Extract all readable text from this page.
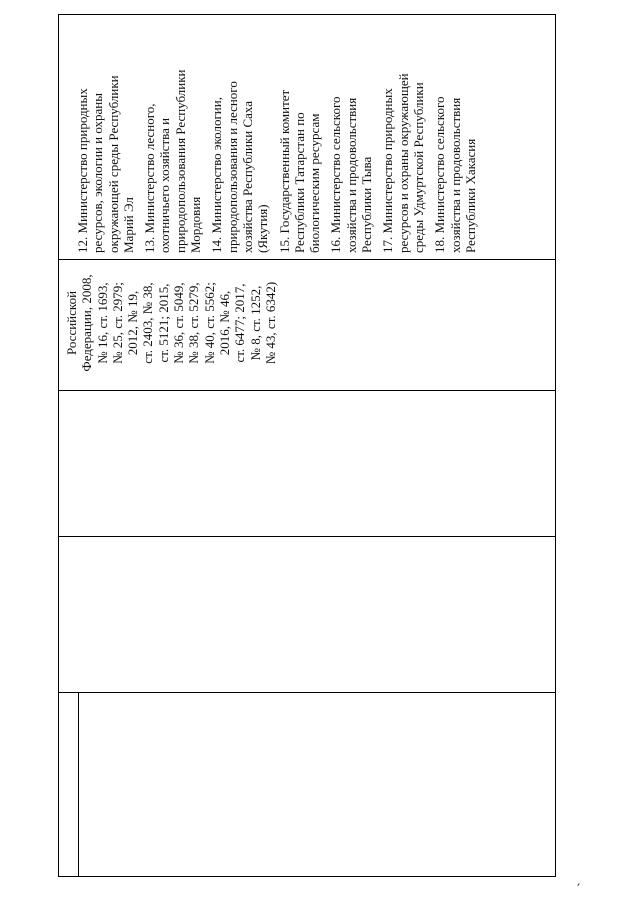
Российской Федерации, 2008, № 16, ст. 1693, № 25, ст. 2979; 2012, № 19, ст. 2403, № 38, ст. 5121; 2015, № 36, ст. 5049, № 38, ст. 5279, № 40, ст. 5562; 2016, № 46, ст. 6477; 2017, № 8, ст. 1252, № 43, ст. 6342)

12. Министерство природных ресурсов, экологии и охраны окружающей среды Республики Марий Эл 13. Министерство лесного, охотничьего хозяйства и природопользования Республики Мордовия 14. Министерство экологии, природопользования и лесного хозяйства Республики Саха (Якутия) 15. Государственный комитет Республики Татарстан по биологическим ресурсам 16. Министерство сельского хозяйства и продовольствия Республики Тыва 17. Министерство природных ресурсов и охраны окружающей среды Удмуртской Республики 18. Министерство сельского хозяйства и продовольствия Республики Хакасия
